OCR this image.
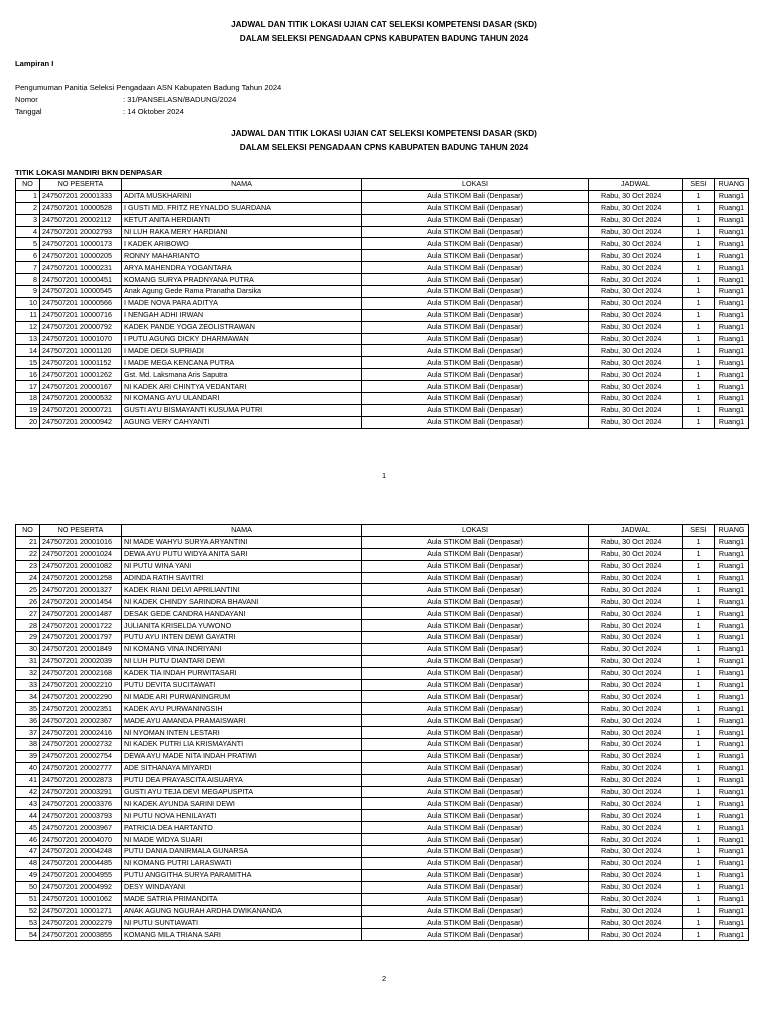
JADWAL DAN TITIK LOKASI UJIAN CAT SELEKSI KOMPETENSI DASAR (SKD)
DALAM SELEKSI PENGADAAN CPNS KABUPATEN BADUNG TAHUN 2024
Lampiran I
Pengumuman Panitia Seleksi Pengadaan ASN Kabupaten Badung Tahun 2024
Nomor	: 31/PANSELASN/BADUNG/2024
Tanggal	: 14 Oktober 2024
JADWAL DAN TITIK LOKASI UJIAN CAT SELEKSI KOMPETENSI DASAR (SKD)
DALAM SELEKSI PENGADAAN CPNS KABUPATEN BADUNG TAHUN 2024
TITIK LOKASI MANDIRI BKN DENPASAR
NO	NO PESERTA	NAMA	LOKASI	JADWAL	SESI	RUANG
1	247507201 20001333	ADITA MUSKHARINI	Aula STIKOM Bali (Denpasar)	Rabu, 30 Oct 2024	1	Ruang1
2	247507201 10000528	I GUSTI MD. FRITZ REYNALDO SUARDANA	Aula STIKOM Bali (Denpasar)	Rabu, 30 Oct 2024	1	Ruang1
3	247507201 20002112	KETUT ANITA HERDIANTI	Aula STIKOM Bali (Denpasar)	Rabu, 30 Oct 2024	1	Ruang1
4	247507201 20002793	NI LUH RAKA MERY HARDIANI	Aula STIKOM Bali (Denpasar)	Rabu, 30 Oct 2024	1	Ruang1
5	247507201 10000173	I KADEK ARIBOWO	Aula STIKOM Bali (Denpasar)	Rabu, 30 Oct 2024	1	Ruang1
6	247507201 10000205	RONNY MAHARIANTO	Aula STIKOM Bali (Denpasar)	Rabu, 30 Oct 2024	1	Ruang1
7	247507201 10000231	ARYA MAHENDRA YOGANTARA	Aula STIKOM Bali (Denpasar)	Rabu, 30 Oct 2024	1	Ruang1
8	247507201 10000451	KOMANG SURYA PRADNYANA PUTRA	Aula STIKOM Bali (Denpasar)	Rabu, 30 Oct 2024	1	Ruang1
9	247507201 10000545	Anak Agung Gede Rama Pranatha Darsika	Aula STIKOM Bali (Denpasar)	Rabu, 30 Oct 2024	1	Ruang1
10	247507201 10000566	I MADE NOVA PARA ADITYA	Aula STIKOM Bali (Denpasar)	Rabu, 30 Oct 2024	1	Ruang1
11	247507201 10000716	I NENGAH ADHI IRWAN	Aula STIKOM Bali (Denpasar)	Rabu, 30 Oct 2024	1	Ruang1
12	247507201 20000792	KADEK PANDE YOGA ZEOLISTRAWAN	Aula STIKOM Bali (Denpasar)	Rabu, 30 Oct 2024	1	Ruang1
13	247507201 10001070	I PUTU AGUNG DICKY DHARMAWAN	Aula STIKOM Bali (Denpasar)	Rabu, 30 Oct 2024	1	Ruang1
14	247507201 10001120	I MADE DEDI SUPRIADI	Aula STIKOM Bali (Denpasar)	Rabu, 30 Oct 2024	1	Ruang1
15	247507201 10001152	I MADE MEGA KENCANA PUTRA	Aula STIKOM Bali (Denpasar)	Rabu, 30 Oct 2024	1	Ruang1
16	247507201 10001262	Gst. Md. Laksmana Aris Saputra	Aula STIKOM Bali (Denpasar)	Rabu, 30 Oct 2024	1	Ruang1
17	247507201 20000167	NI KADEK ARI CHINTYA VEDANTARI	Aula STIKOM Bali (Denpasar)	Rabu, 30 Oct 2024	1	Ruang1
18	247507201 20000532	NI KOMANG AYU ULANDARI	Aula STIKOM Bali (Denpasar)	Rabu, 30 Oct 2024	1	Ruang1
19	247507201 20000721	GUSTI AYU BISMAYANTI KUSUMA PUTRI	Aula STIKOM Bali (Denpasar)	Rabu, 30 Oct 2024	1	Ruang1
20	247507201 20000942	AGUNG VERY CAHYANTI	Aula STIKOM Bali (Denpasar)	Rabu, 30 Oct 2024	1	Ruang1
1
NO	NO PESERTA	NAMA	LOKASI	JADWAL	SESI	RUANG
21	247507201 20001016	NI MADE WAHYU SURYA ARYANTINI	Aula STIKOM Bali (Denpasar)	Rabu, 30 Oct 2024	1	Ruang1
22	247507201 20001024	DEWA AYU PUTU WIDYA ANITA SARI	Aula STIKOM Bali (Denpasar)	Rabu, 30 Oct 2024	1	Ruang1
23	247507201 20001082	NI PUTU WINA YANI	Aula STIKOM Bali (Denpasar)	Rabu, 30 Oct 2024	1	Ruang1
24	247507201 20001258	ADINDA RATIH SAVITRI	Aula STIKOM Bali (Denpasar)	Rabu, 30 Oct 2024	1	Ruang1
25	247507201 20001327	KADEK RIANI DELVI APRILIANTINI	Aula STIKOM Bali (Denpasar)	Rabu, 30 Oct 2024	1	Ruang1
26	247507201 20001454	NI KADEK CHINDY SARINDRA BHAVANI	Aula STIKOM Bali (Denpasar)	Rabu, 30 Oct 2024	1	Ruang1
27	247507201 20001487	DESAK GEDE CANDRA HANDAYANI	Aula STIKOM Bali (Denpasar)	Rabu, 30 Oct 2024	1	Ruang1
28	247507201 20001722	JULIANITA KRISELDA YUWONO	Aula STIKOM Bali (Denpasar)	Rabu, 30 Oct 2024	1	Ruang1
29	247507201 20001797	PUTU AYU INTEN DEWI GAYATRI	Aula STIKOM Bali (Denpasar)	Rabu, 30 Oct 2024	1	Ruang1
30	247507201 20001849	NI KOMANG VINA INDRIYANI	Aula STIKOM Bali (Denpasar)	Rabu, 30 Oct 2024	1	Ruang1
31	247507201 20002039	NI LUH PUTU DIANTARI DEWI	Aula STIKOM Bali (Denpasar)	Rabu, 30 Oct 2024	1	Ruang1
32	247507201 20002168	KADEK TIA INDAH PURWITASARI	Aula STIKOM Bali (Denpasar)	Rabu, 30 Oct 2024	1	Ruang1
33	247507201 20002210	PUTU DEVITA SUCITAWATI	Aula STIKOM Bali (Denpasar)	Rabu, 30 Oct 2024	1	Ruang1
34	247507201 20002290	NI MADE ARI PURWANINGRUM	Aula STIKOM Bali (Denpasar)	Rabu, 30 Oct 2024	1	Ruang1
35	247507201 20002351	KADEK AYU PURWANINGSIH	Aula STIKOM Bali (Denpasar)	Rabu, 30 Oct 2024	1	Ruang1
36	247507201 20002367	MADE AYU AMANDA PRAMAISWARI	Aula STIKOM Bali (Denpasar)	Rabu, 30 Oct 2024	1	Ruang1
37	247507201 20002416	NI NYOMAN INTEN LESTARI	Aula STIKOM Bali (Denpasar)	Rabu, 30 Oct 2024	1	Ruang1
38	247507201 20002732	NI KADEK PUTRI LIA KRISMAYANTI	Aula STIKOM Bali (Denpasar)	Rabu, 30 Oct 2024	1	Ruang1
39	247507201 20002754	DEWA AYU MADE NITA INDAH PRATIWI	Aula STIKOM Bali (Denpasar)	Rabu, 30 Oct 2024	1	Ruang1
40	247507201 20002777	ADE SITHANAYA MIYARDI	Aula STIKOM Bali (Denpasar)	Rabu, 30 Oct 2024	1	Ruang1
41	247507201 20002873	PUTU DEA PRAYASCITA AISUARYA	Aula STIKOM Bali (Denpasar)	Rabu, 30 Oct 2024	1	Ruang1
42	247507201 20003291	GUSTI AYU TEJA DEVI MEGAPUSPITA	Aula STIKOM Bali (Denpasar)	Rabu, 30 Oct 2024	1	Ruang1
43	247507201 20003376	NI KADEK AYUNDA SARINI DEWI	Aula STIKOM Bali (Denpasar)	Rabu, 30 Oct 2024	1	Ruang1
44	247507201 20003793	NI PUTU NOVA HENILAYATI	Aula STIKOM Bali (Denpasar)	Rabu, 30 Oct 2024	1	Ruang1
45	247507201 20003967	PATRICIA DEA HARTANTO	Aula STIKOM Bali (Denpasar)	Rabu, 30 Oct 2024	1	Ruang1
46	247507201 20004070	NI MADE WIDYA SUARI	Aula STIKOM Bali (Denpasar)	Rabu, 30 Oct 2024	1	Ruang1
47	247507201 20004248	PUTU DANIA DANIRMALA GUNARSA	Aula STIKOM Bali (Denpasar)	Rabu, 30 Oct 2024	1	Ruang1
48	247507201 20004485	NI KOMANG PUTRI LARASWATI	Aula STIKOM Bali (Denpasar)	Rabu, 30 Oct 2024	1	Ruang1
49	247507201 20004955	PUTU ANGGITHA SURYA PARAMITHA	Aula STIKOM Bali (Denpasar)	Rabu, 30 Oct 2024	1	Ruang1
50	247507201 20004992	DESY WINDAYANI	Aula STIKOM Bali (Denpasar)	Rabu, 30 Oct 2024	1	Ruang1
51	247507201 10001062	MADE SATRIA PRIMANDITA	Aula STIKOM Bali (Denpasar)	Rabu, 30 Oct 2024	1	Ruang1
52	247507201 10001271	ANAK AGUNG NGURAH ARDHA DWIKANANDA	Aula STIKOM Bali (Denpasar)	Rabu, 30 Oct 2024	1	Ruang1
53	247507201 20002279	NI PUTU SUNTIAWATI	Aula STIKOM Bali (Denpasar)	Rabu, 30 Oct 2024	1	Ruang1
54	247507201 20003855	KOMANG MILA TRIANA SARI	Aula STIKOM Bali (Denpasar)	Rabu, 30 Oct 2024	1	Ruang1
2
